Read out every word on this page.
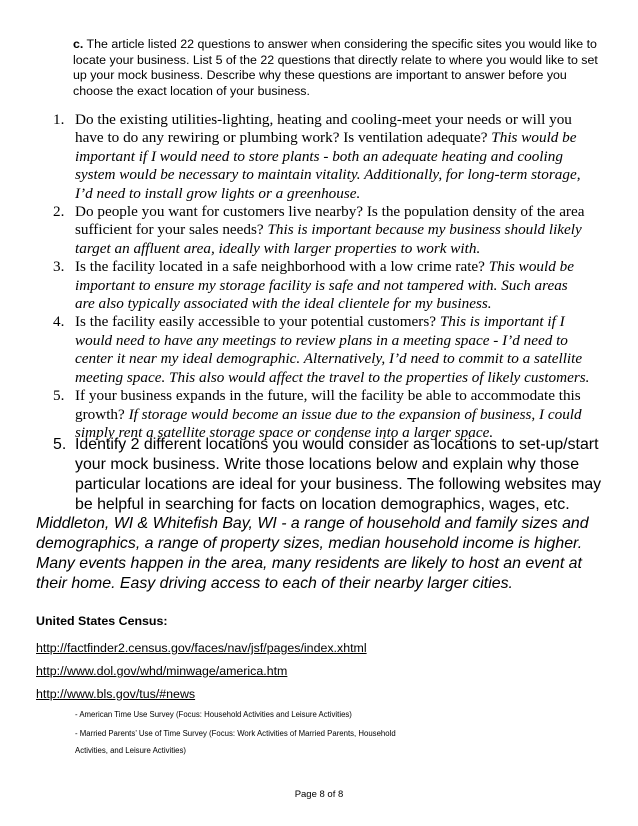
c. The article listed 22 questions to answer when considering the specific sites you would like to locate your business. List 5 of the 22 questions that directly relate to where you would like to set up your mock business. Describe why these questions are important to answer before you choose the exact location of your business.
1. Do the existing utilities-lighting, heating and cooling-meet your needs or will you have to do any rewiring or plumbing work? Is ventilation adequate? This would be important if I would need to store plants - both an adequate heating and cooling system would be necessary to maintain vitality. Additionally, for long-term storage, I’d need to install grow lights or a greenhouse.
2. Do people you want for customers live nearby? Is the population density of the area sufficient for your sales needs? This is important because my business should likely target an affluent area, ideally with larger properties to work with.
3. Is the facility located in a safe neighborhood with a low crime rate? This would be important to ensure my storage facility is safe and not tampered with. Such areas are also typically associated with the ideal clientele for my business.
4. Is the facility easily accessible to your potential customers? This is important if I would need to have any meetings to review plans in a meeting space - I’d need to center it near my ideal demographic. Alternatively, I’d need to commit to a satellite meeting space. This also would affect the travel to the properties of likely customers.
5. If your business expands in the future, will the facility be able to accommodate this growth? If storage would become an issue due to the expansion of business, I could simply rent a satellite storage space or condense into a larger space.
5. Identify 2 different locations you would consider as locations to set-up/start your mock business. Write those locations below and explain why those particular locations are ideal for your business. The following websites may be helpful in searching for facts on location demographics, wages, etc.
Middleton, WI & Whitefish Bay, WI - a range of household and family sizes and demographics, a range of property sizes, median household income is higher. Many events happen in the area, many residents are likely to host an event at their home. Easy driving access to each of their nearby larger cities.
United States Census:
http://factfinder2.census.gov/faces/nav/jsf/pages/index.xhtml
http://www.dol.gov/whd/minwage/america.htm
http://www.bls.gov/tus/#news
- American Time Use Survey (Focus: Household Activities and Leisure Activities)
- Married Parents’ Use of Time Survey (Focus: Work Activities of Married Parents, Household
Activities, and Leisure Activities)
Page 8 of 8
